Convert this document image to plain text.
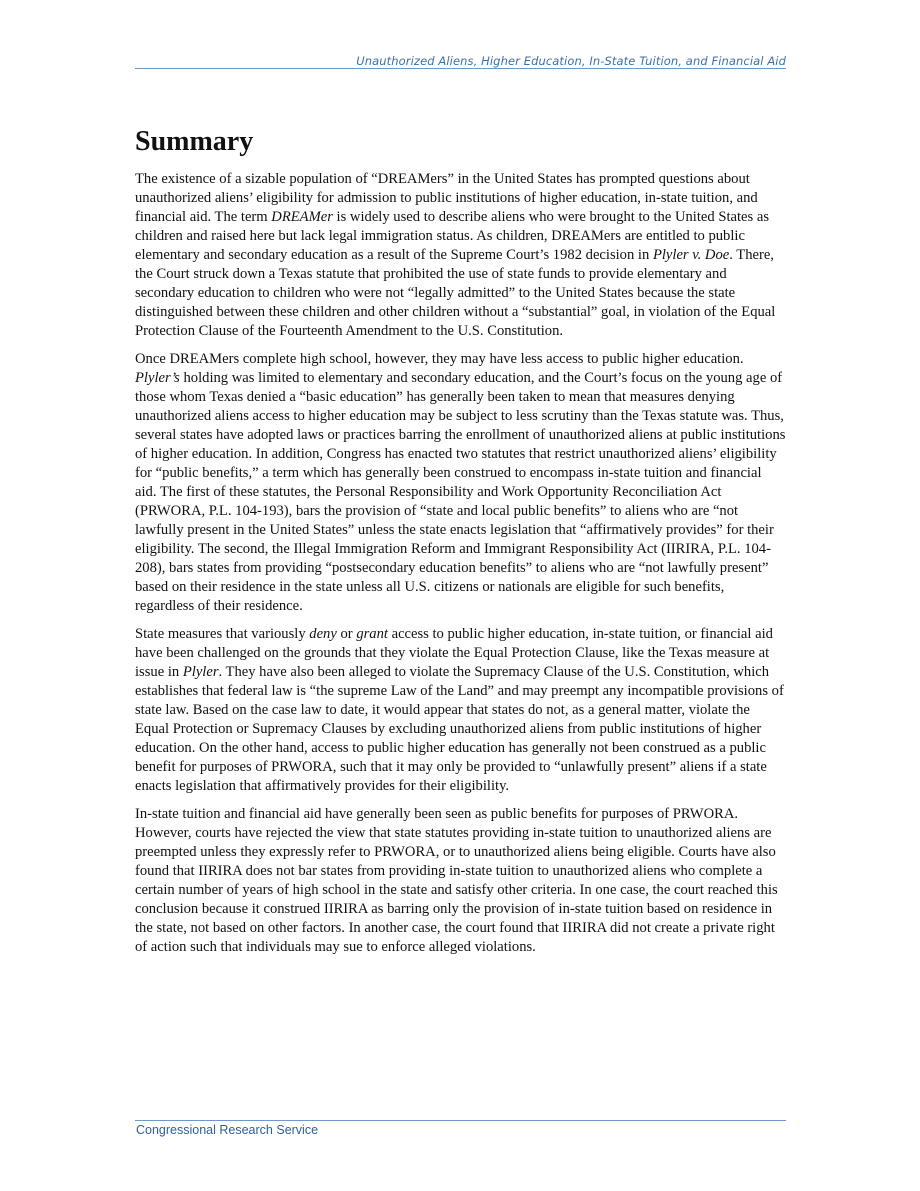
Unauthorized Aliens, Higher Education, In-State Tuition, and Financial Aid
Summary

The existence of a sizable population of “DREAMers” in the United States has prompted questions about unauthorized aliens’ eligibility for admission to public institutions of higher education, in-state tuition, and financial aid. The term DREAMer is widely used to describe aliens who were brought to the United States as children and raised here but lack legal immigration status. As children, DREAMers are entitled to public elementary and secondary education as a result of the Supreme Court’s 1982 decision in Plyler v. Doe. There, the Court struck down a Texas statute that prohibited the use of state funds to provide elementary and secondary education to children who were not “legally admitted” to the United States because the state distinguished between these children and other children without a “substantial” goal, in violation of the Equal Protection Clause of the Fourteenth Amendment to the U.S. Constitution.

Once DREAMers complete high school, however, they may have less access to public higher education. Plyler’s holding was limited to elementary and secondary education, and the Court’s focus on the young age of those whom Texas denied a “basic education” has generally been taken to mean that measures denying unauthorized aliens access to higher education may be subject to less scrutiny than the Texas statute was. Thus, several states have adopted laws or practices barring the enrollment of unauthorized aliens at public institutions of higher education. In addition, Congress has enacted two statutes that restrict unauthorized aliens’ eligibility for “public benefits,” a term which has generally been construed to encompass in-state tuition and financial aid. The first of these statutes, the Personal Responsibility and Work Opportunity Reconciliation Act (PRWORA, P.L. 104-193), bars the provision of “state and local public benefits” to aliens who are “not lawfully present in the United States” unless the state enacts legislation that “affirmatively provides” for their eligibility. The second, the Illegal Immigration Reform and Immigrant Responsibility Act (IIRIRA, P.L. 104-208), bars states from providing “postsecondary education benefits” to aliens who are “not lawfully present” based on their residence in the state unless all U.S. citizens or nationals are eligible for such benefits, regardless of their residence.

State measures that variously deny or grant access to public higher education, in-state tuition, or financial aid have been challenged on the grounds that they violate the Equal Protection Clause, like the Texas measure at issue in Plyler. They have also been alleged to violate the Supremacy Clause of the U.S. Constitution, which establishes that federal law is “the supreme Law of the Land” and may preempt any incompatible provisions of state law. Based on the case law to date, it would appear that states do not, as a general matter, violate the Equal Protection or Supremacy Clauses by excluding unauthorized aliens from public institutions of higher education. On the other hand, access to public higher education has generally not been construed as a public benefit for purposes of PRWORA, such that it may only be provided to “unlawfully present” aliens if a state enacts legislation that affirmatively provides for their eligibility.

In-state tuition and financial aid have generally been seen as public benefits for purposes of PRWORA. However, courts have rejected the view that state statutes providing in-state tuition to unauthorized aliens are preempted unless they expressly refer to PRWORA, or to unauthorized aliens being eligible. Courts have also found that IIRIRA does not bar states from providing in-state tuition to unauthorized aliens who complete a certain number of years of high school in the state and satisfy other criteria. In one case, the court reached this conclusion because it construed IIRIRA as barring only the provision of in-state tuition based on residence in the state, not based on other factors. In another case, the court found that IIRIRA did not create a private right of action such that individuals may sue to enforce alleged violations.

Congressional Research Service
